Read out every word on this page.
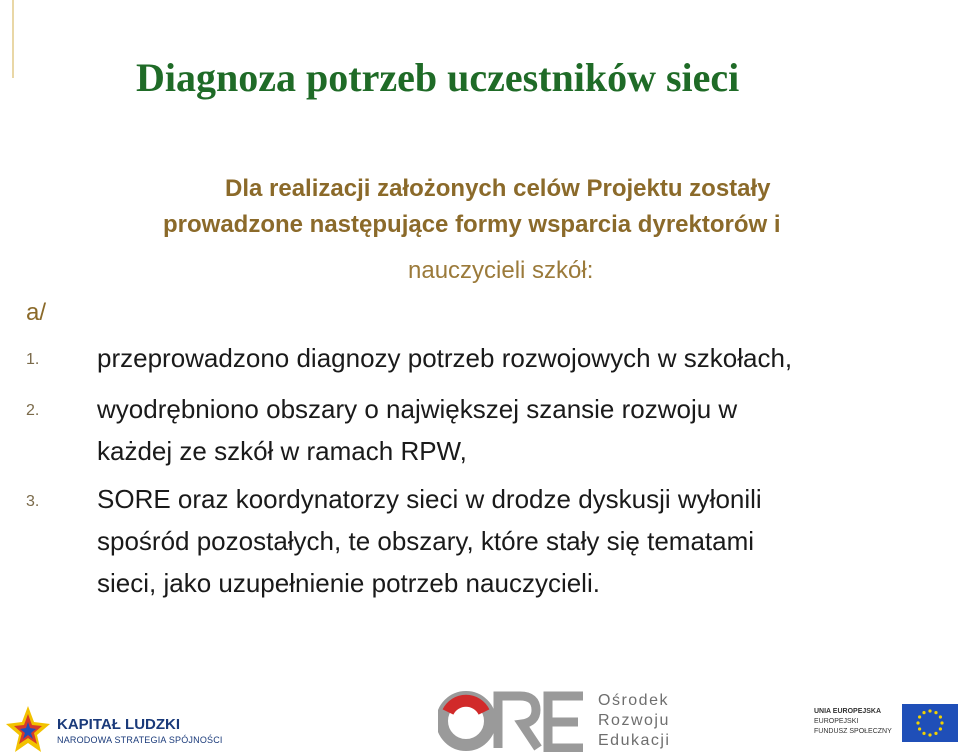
Diagnoza potrzeb uczestników sieci
Dla realizacji założonych celów Projektu zostały
prowadzone następujące formy wsparcia dyrektorów i
nauczycieli szkół:
a/
1. przeprowadzono diagnozy potrzeb rozwojowych w szkołach,
2. wyodrębniono obszary o największej szansie rozwoju w
każdej ze szkół w ramach RPW,
3. SORE oraz koordynatorzy sieci w drodze dyskusji wyłonili
spośród pozostałych, te obszary, które stały się tematami
sieci, jako uzupełnienie potrzeb nauczycieli.
KAPITAŁ LUDZKI
NARODOWA STRATEGIA SPÓJNOŚCI
Ośrodek
Rozwoju
Edukacji
UNIA EUROPEJSKA
EUROPEJSKI
FUNDUSZ SPOŁECZNY
